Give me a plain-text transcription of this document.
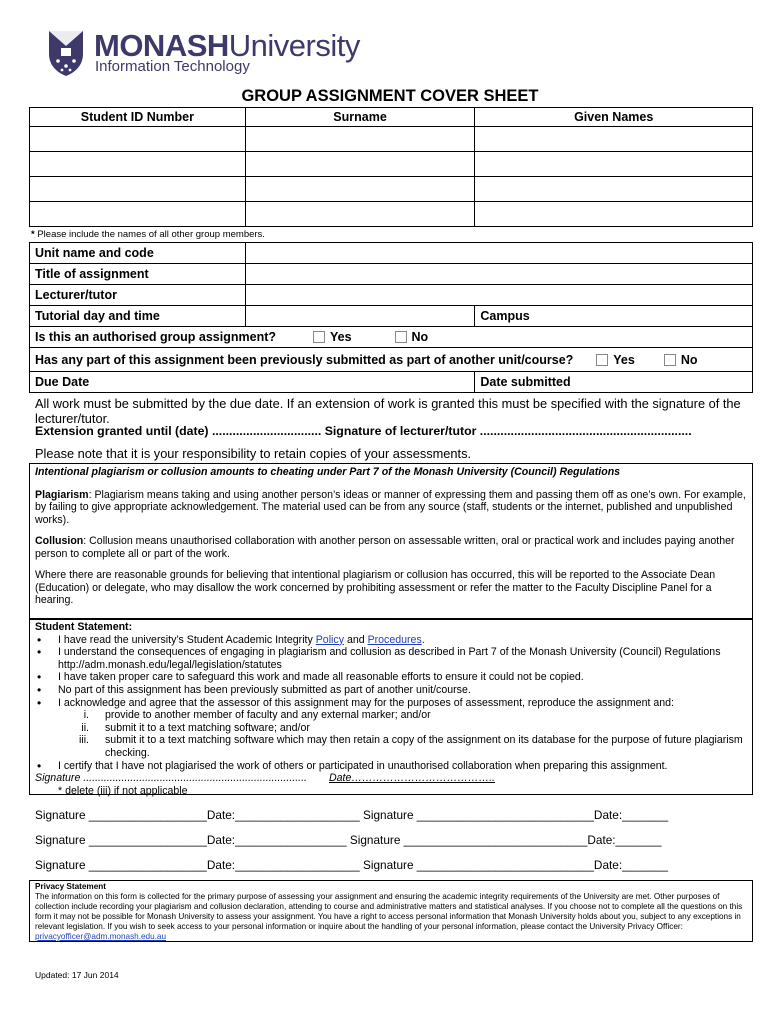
MONASHUniversity
Information Technology
GROUP ASSIGNMENT COVER SHEET
Student ID Number	Surname	Given Names

* Please include the names of all other group members.
Unit name and code		
Title of assignment		
Lecturer/tutor		
Tutorial day and time		Campus
Is this an authorised group assignment? Yes No		
Has any part of this assignment been previously submitted as part of another unit/course? Yes No		
Due Date		Date submitted
All work must be submitted by the due date. If an extension of work is granted this must be specified with the signature of the lecturer/tutor.
Extension granted until (date) ................................ Signature of lecturer/tutor ..............................................................
Please note that it is your responsibility to retain copies of your assessments.
Intentional plagiarism or collusion amounts to cheating under Part 7 of the Monash University (Council) Regulations

Plagiarism: Plagiarism means taking and using another person’s ideas or manner of expressing them and passing them off as one’s own. For example, by failing to give appropriate acknowledgement. The material used can be from any source (staff, students or the internet, published and unpublished works).

Collusion: Collusion means unauthorised collaboration with another person on assessable written, oral or practical work and includes paying another person to complete all or part of the work.

Where there are reasonable grounds for believing that intentional plagiarism or collusion has occurred, this will be reported to the Associate Dean (Education) or delegate, who may disallow the work concerned by prohibiting assessment or refer the matter to the Faculty Discipline Panel for a hearing.

Student Statement:
• I have read the university’s Student Academic Integrity Policy and Procedures.
• I understand the consequences of engaging in plagiarism and collusion as described in Part 7 of the Monash University (Council) Regulations http://adm.monash.edu/legal/legislation/statutes
• I have taken proper care to safeguard this work and made all reasonable efforts to ensure it could not be copied.
• No part of this assignment has been previously submitted as part of another unit/course.
• I acknowledge and agree that the assessor of this assignment may for the purposes of assessment, reproduce the assignment and:
i. provide to another member of faculty and any external marker; and/or
ii. submit it to a text matching software; and/or
iii. submit it to a text matching software which may then retain a copy of the assignment on its database for the purpose of future plagiarism checking.
• I certify that I have not plagiarised the work of others or participated in unauthorised collaboration when preparing this assignment.
Signature ............................................................................ Date…………………………………..
* delete (iii) if not applicable
Signature __________________Date:___________________ Signature ___________________________Date:_______
Signature __________________Date:_________________ Signature ____________________________Date:_______
Signature __________________Date:___________________ Signature ___________________________Date:_______
Privacy Statement
The information on this form is collected for the primary purpose of assessing your assignment and ensuring the academic integrity requirements of the University are met. Other purposes of collection include recording your plagiarism and collusion declaration, attending to course and administrative matters and statistical analyses. If you choose not to complete all the questions on this form it may not be possible for Monash University to assess your assignment. You have a right to access personal information that Monash University holds about you, subject to any exceptions in relevant legislation. If you wish to seek access to your personal information or inquire about the handling of your personal information, please contact the University Privacy Officer: privacyofficer@adm.monash.edu.au
Updated: 17 Jun 2014
